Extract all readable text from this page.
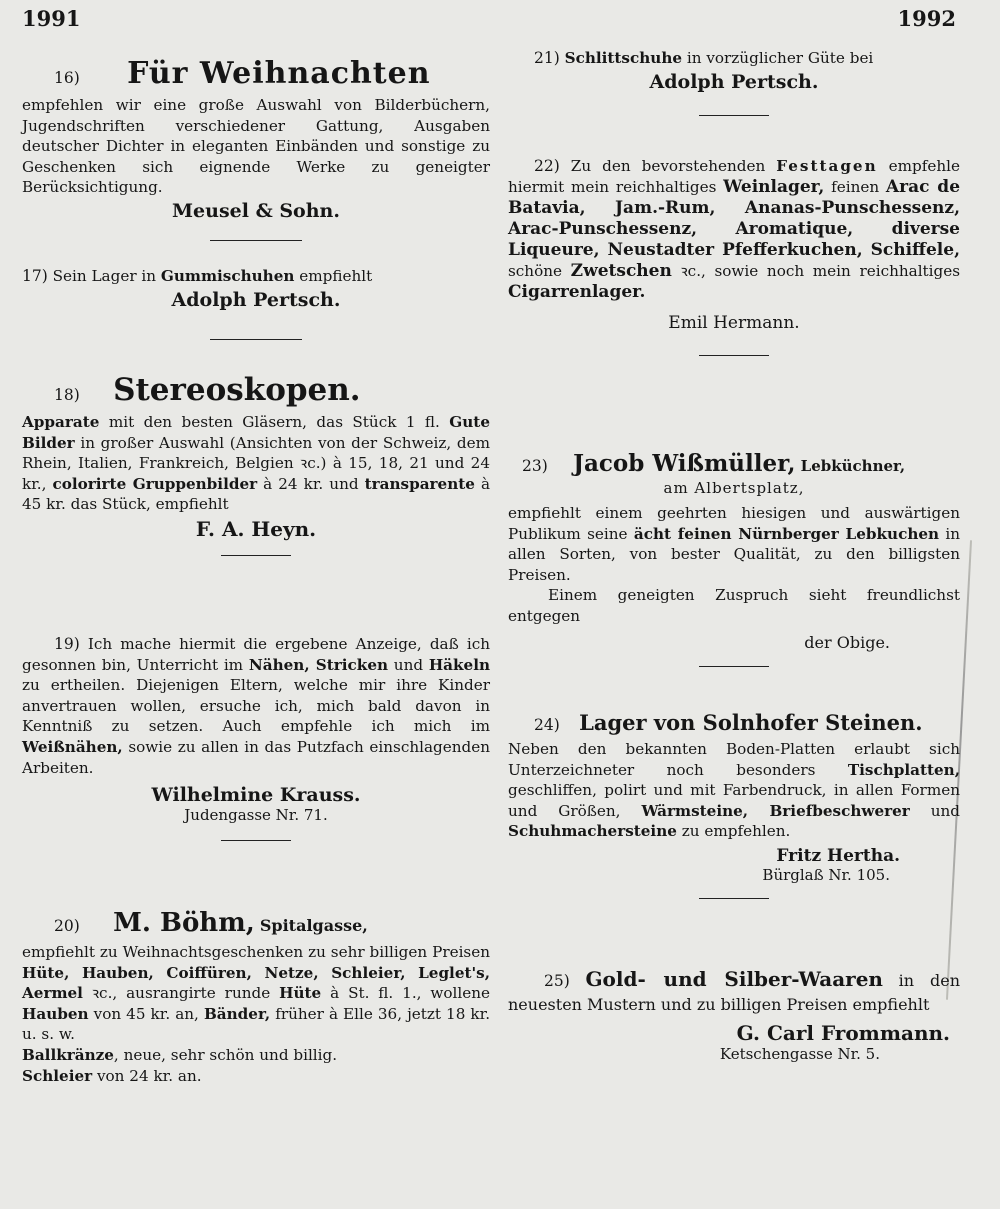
1991	1992
16) Für Weihnachten

empfehlen wir eine große Auswahl von Bilderbüchern, Jugendschriften verschiedener Gattung, Ausgaben deutscher Dichter in eleganten Einbänden und sonstige zu Geschenken sich eignende Werke zu geneigter Berücksichtigung.

Meusel & Sohn.

17) Sein Lager in Gummischuhen empfiehlt

Adolph Pertsch.
18) Stereoskopen.

Apparate mit den besten Gläsern, das Stück 1 fl. Gute Bilder in großer Auswahl (Ansichten von der Schweiz, dem Rhein, Italien, Frankreich, Belgien ꝛc.) à 15, 18, 21 und 24 kr., colorirte Gruppenbilder à 24 kr. und transparente à 45 kr. das Stück, empfiehlt

F. A. Heyn.

19) Ich mache hiermit die ergebene Anzeige, daß ich gesonnen bin, Unterricht im Nähen, Stricken und Häkeln zu ertheilen. Diejenigen Eltern, welche mir ihre Kinder anvertrauen wollen, ersuche ich, mich bald davon in Kenntniß zu setzen. Auch empfehle ich mich im Weißnähen, sowie zu allen in das Putzfach einschlagenden Arbeiten.

Wilhelmine Krauss.
Judengasse Nr. 71.
20) M. Böhm, Spitalgasse,

empfiehlt zu Weihnachtsgeschenken zu sehr billigen Preisen Hüte, Hauben, Coiffüren, Netze, Schleier, Leglet's, Aermel ꝛc., ausrangirte runde Hüte à St. fl. 1., wollene Hauben von 45 kr. an, Bänder, früher à Elle 36, jetzt 18 kr. u. s. w.
Ballkränze, neue, sehr schön und billig.
Schleier von 24 kr. an.

21) Schlittschuhe in vorzüglicher Güte bei

Adolph Pertsch.

22) Zu den bevorstehenden Festtagen empfehle hiermit mein reichhaltiges Weinlager, feinen Arac de Batavia, Jam.-Rum, Ananas-Punschessenz, Arac-Punschessenz, Aromatique, diverse Liqueure, Neustadter Pfefferkuchen, Schiffele, schöne Zwetschen ꝛc., sowie noch mein reichhaltiges Cigarrenlager.

Emil Hermann.
23) Jacob Wißmüller, Lebküchner,
am Albertsplatz,

empfiehlt einem geehrten hiesigen und auswärtigen Publikum seine ächt feinen Nürnberger Lebkuchen in allen Sorten, von bester Qualität, zu den billigsten Preisen.

Einem geneigten Zuspruch sieht freundlichst entgegen

der Obige.
24) Lager von Solnhofer Steinen.

Neben den bekannten Boden-Platten erlaubt sich Unterzeichneter noch besonders Tischplatten, geschliffen, polirt und mit Farbendruck, in allen Formen und Größen, Wärmsteine, Briefbeschwerer und Schuhmachersteine zu empfehlen.

Fritz Hertha.
Bürglaß Nr. 105.

25) Gold- und Silber-Waaren in den neuesten Mustern und zu billigen Preisen empfiehlt

G. Carl Frommann.
Ketschengasse Nr. 5.
